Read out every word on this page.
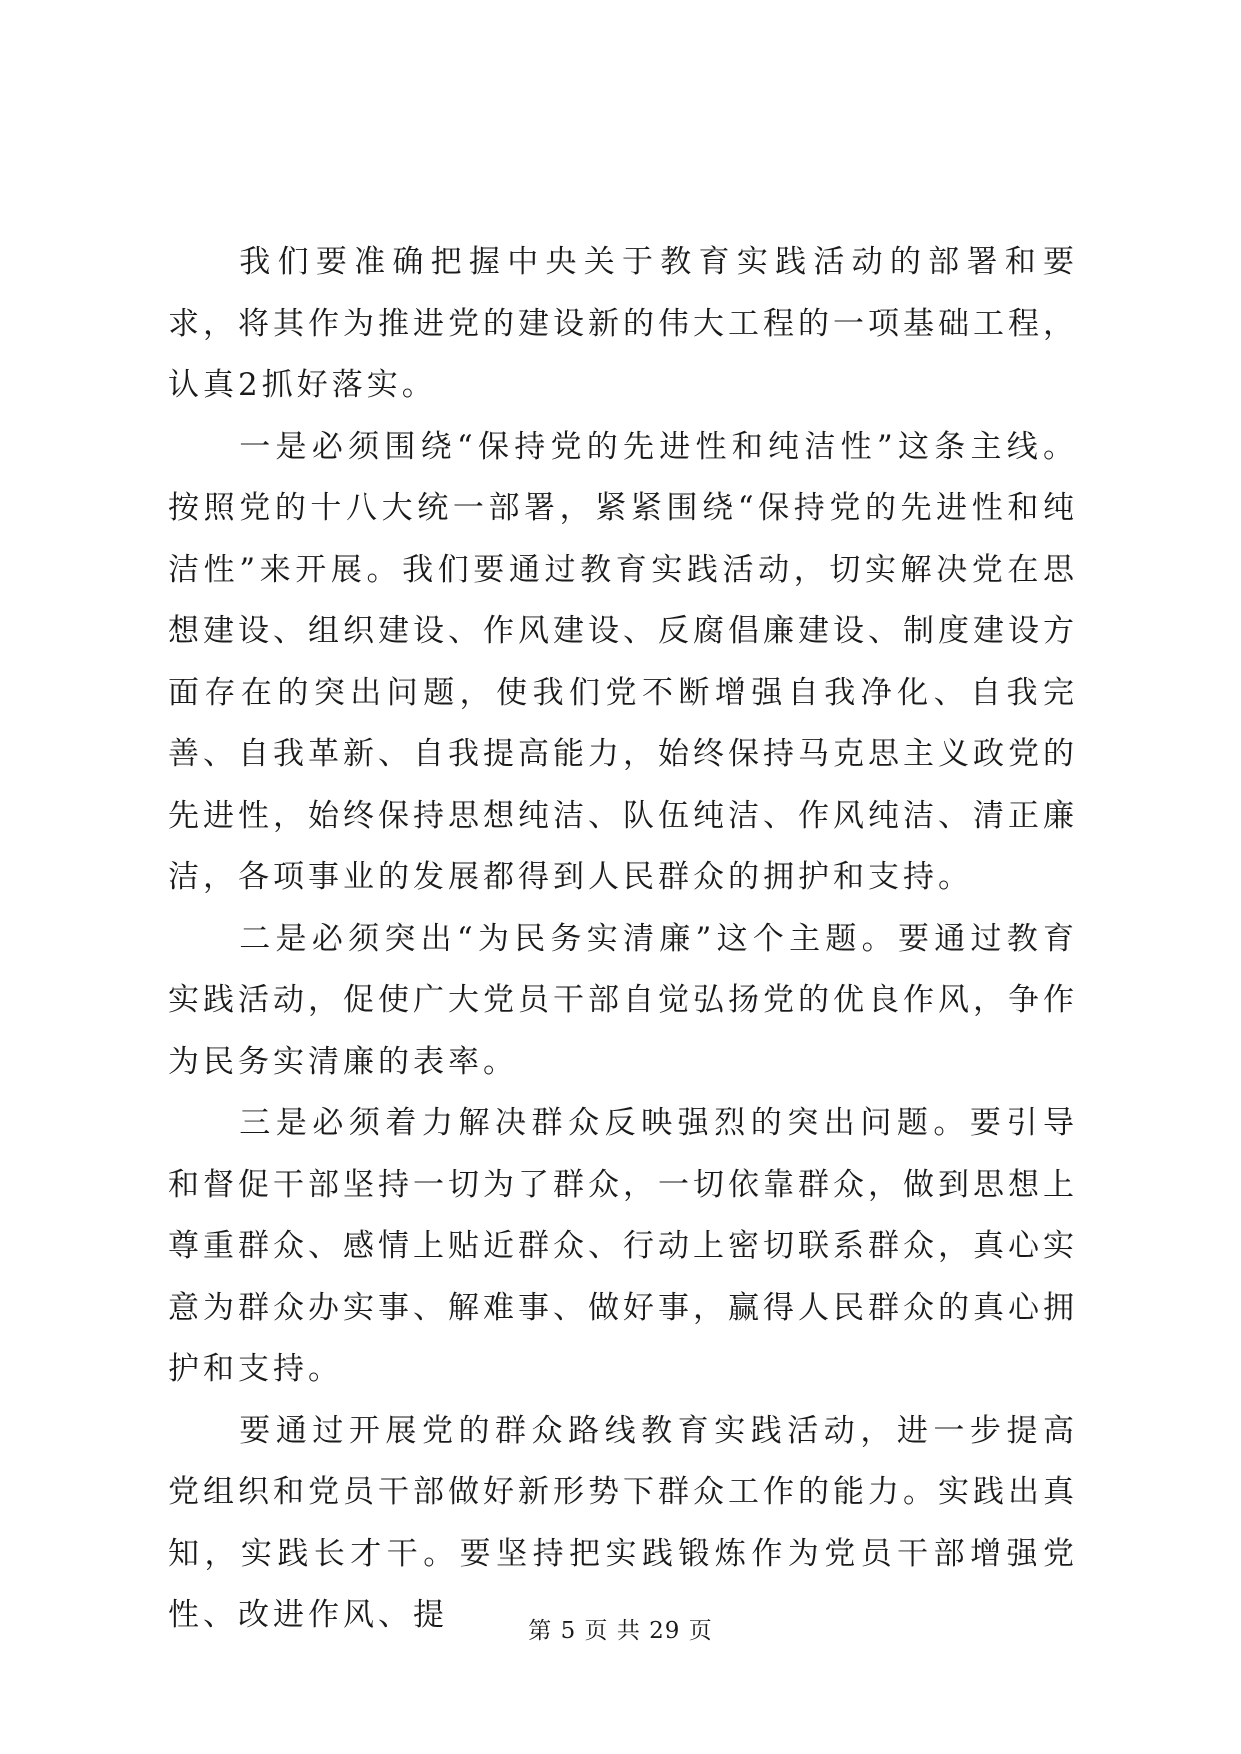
我们要准确把握中央关于教育实践活动的部署和要求，将其作为推进党的建设新的伟大工程的一项基础工程，认真2抓好落实。

一是必须围绕“保持党的先进性和纯洁性”这条主线。按照党的十八大统一部署，紧紧围绕“保持党的先进性和纯洁性”来开展。我们要通过教育实践活动，切实解决党在思想建设、组织建设、作风建设、反腐倡廉建设、制度建设方面存在的突出问题，使我们党不断增强自我净化、自我完善、自我革新、自我提高能力，始终保持马克思主义政党的先进性，始终保持思想纯洁、队伍纯洁、作风纯洁、清正廉洁，各项事业的发展都得到人民群众的拥护和支持。

二是必须突出“为民务实清廉”这个主题。要通过教育实践活动，促使广大党员干部自觉弘扬党的优良作风，争作为民务实清廉的表率。

三是必须着力解决群众反映强烈的突出问题。要引导和督促干部坚持一切为了群众，一切依靠群众，做到思想上尊重群众、感情上贴近群众、行动上密切联系群众，真心实意为群众办实事、解难事、做好事，赢得人民群众的真心拥护和支持。

要通过开展党的群众路线教育实践活动，进一步提高党组织和党员干部做好新形势下群众工作的能力。实践出真知，实践长才干。要坚持把实践锻炼作为党员干部增强党性、改进作风、提	第 5 页 共 29 页
